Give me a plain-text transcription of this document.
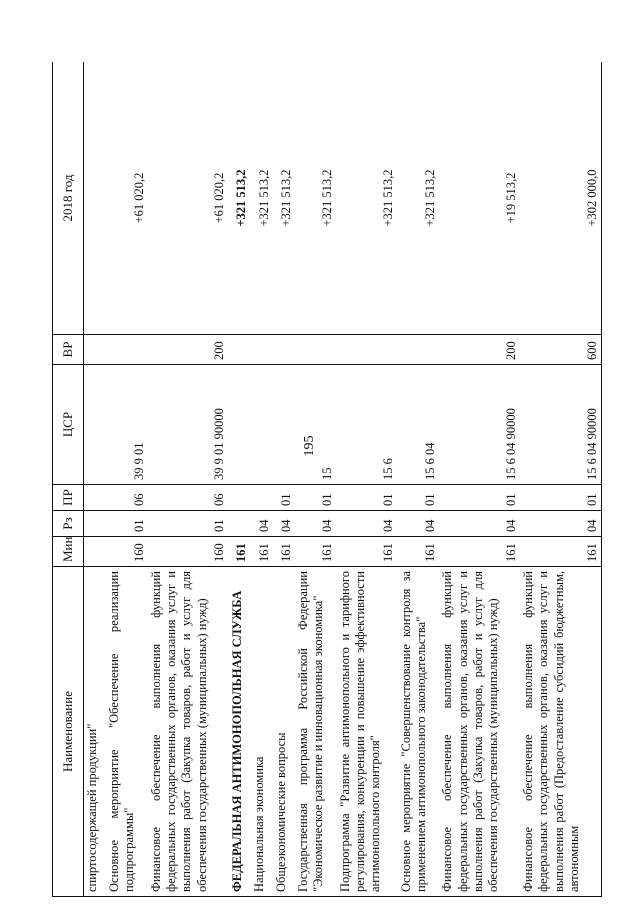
195
Наименование	Мин	Рз	ПР	ЦСР	ВР	2018 год
спиртосодержащей продукции"						
Основное мероприятие "Обеспечение реализации подпрограммы"	160	01	06	39 9 01		+61 020,2
Финансовое обеспечение выполнения функций федеральных государственных органов, оказания услуг и выполнения работ (Закупка товаров, работ и услуг для обеспечения государственных (муниципальных) нужд)	160	01	06	39 9 01 90000	200	+61 020,2
ФЕДЕРАЛЬНАЯ АНТИМОНОПОЛЬНАЯ СЛУЖБА	161					+321 513,2
Национальная экономика	161	04				+321 513,2
Общеэкономические вопросы	161	04	01			+321 513,2
Государственная программа Российской Федерации "Экономическое развитие и инновационная экономика"	161	04	01	15		+321 513,2
Подпрограмма "Развитие антимонопольного и тарифного регулирования, конкуренции и повышение эффективности антимонопольного контроля"	161	04	01	15 6		+321 513,2
Основное мероприятие "Совершенствование контроля за применением антимонопольного законодательства"	161	04	01	15 6 04		+321 513,2
Финансовое обеспечение выполнения функций федеральных государственных органов, оказания услуг и выполнения работ (Закупка товаров, работ и услуг для обеспечения государственных (муниципальных) нужд)	161	04	01	15 6 04 90000	200	+19 513,2
Финансовое обеспечение выполнения функций федеральных государственных органов, оказания услуг и выполнения работ (Предоставление субсидий бюджетным, автономным	161	04	01	15 6 04 90000	600	+302 000,0
